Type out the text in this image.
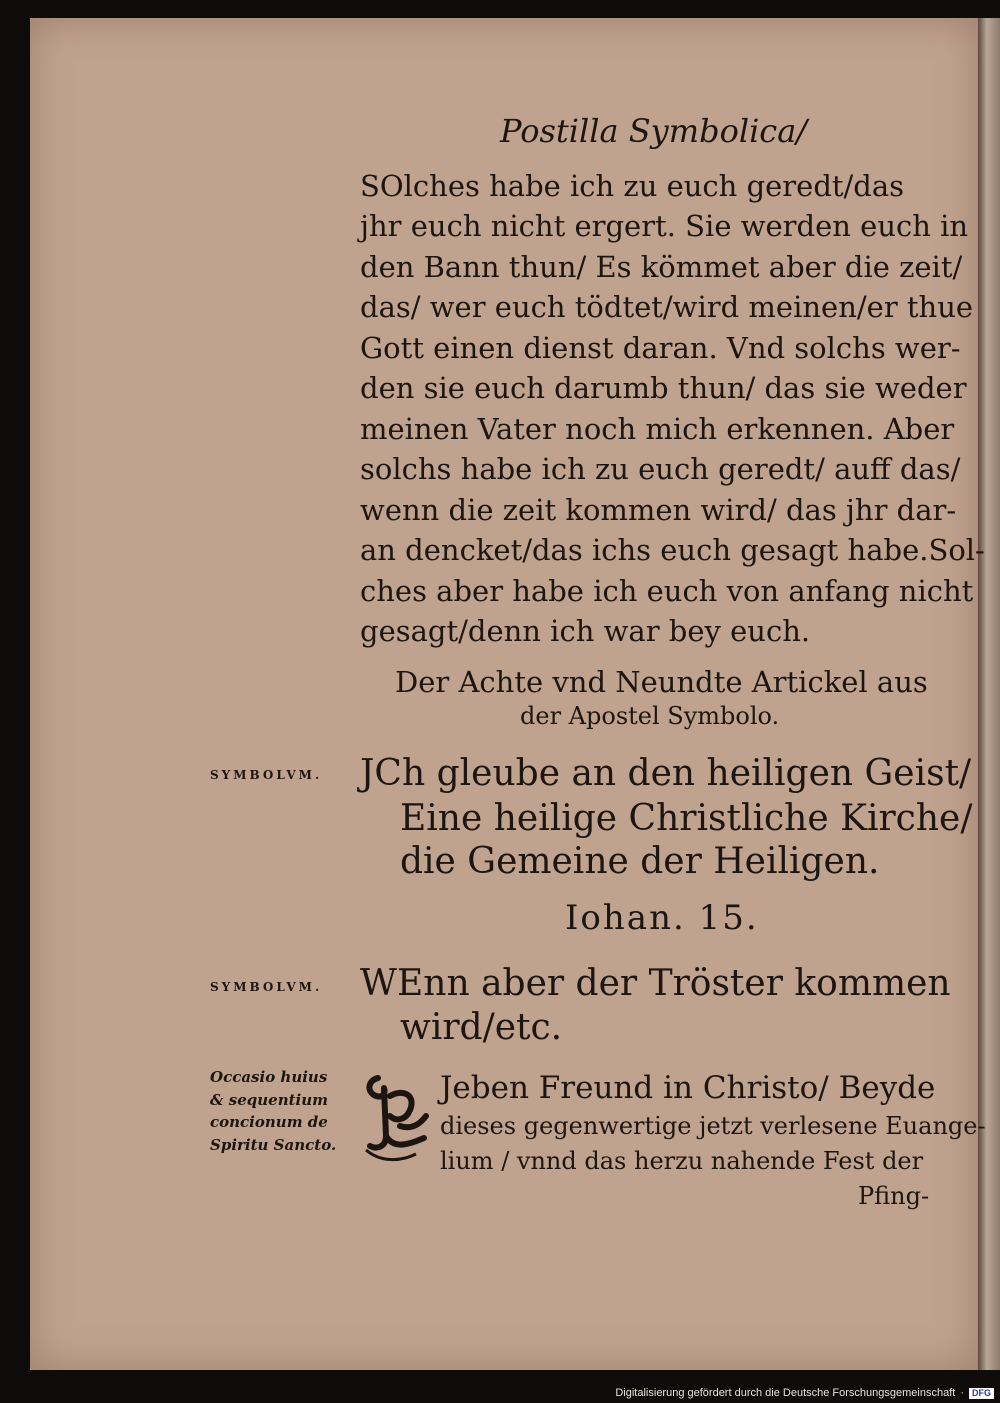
Postilla Symbolica/
SOlches habe ich zu euch geredt/das
jhr euch nicht ergert. Sie werden euch in
den Bann thun/ Es kömmet aber die zeit/
das/ wer euch tödtet/wird meinen/er thue
Gott einen dienst daran. Vnd solchs wer-
den sie euch darumb thun/ das sie weder
meinen Vater noch mich erkennen. Aber
solchs habe ich zu euch geredt/ auff das/
wenn die zeit kommen wird/ das jhr dar-
an dencket/das ichs euch gesagt habe.Sol-
ches aber habe ich euch von anfang nicht
gesagt/denn ich war bey euch.
Der Achte vnd Neundte Artickel aus
der Apostel Symbolo.
SYMBOLVM. JCh gleube an den heiligen Geist/
Eine heilige Christliche Kirche/
die Gemeine der Heiligen.
Iohan. 15.
SYMBOLVM. WEnn aber der Tröster kommen
wird/etc.
Occasio huius
& sequentium
concionum de
Spiritu Sancto.
Jeben Freund in Christo/ Beyde
dieses gegenwertige jetzt verlesene Euange-
lium / vnnd das herzu nahende Fest der
Pfing-
Digitalisierung gefördert durch die Deutsche Forschungsgemeinschaft · DFG
